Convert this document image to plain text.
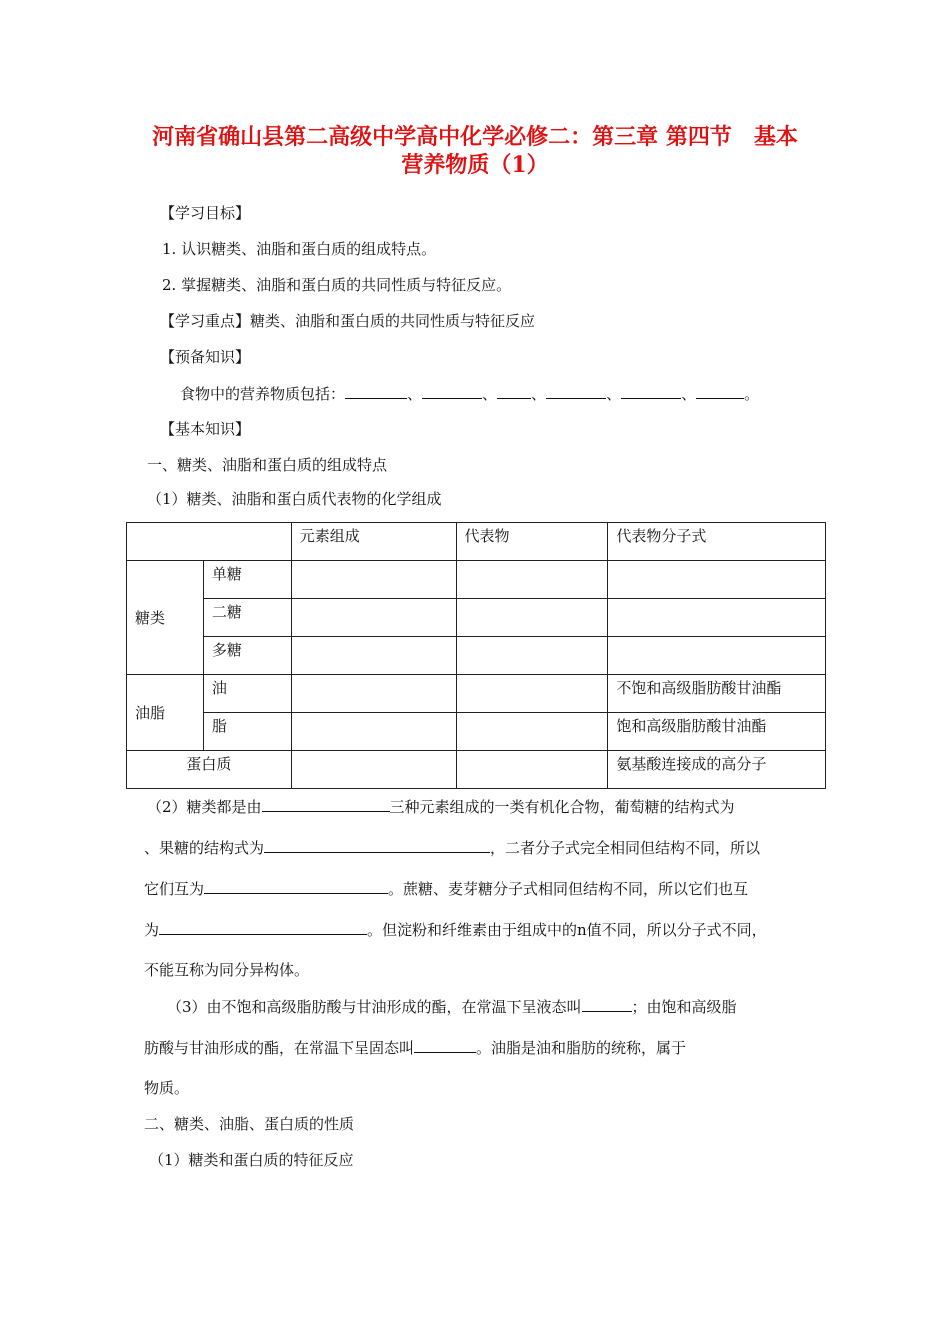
河南省确山县第二高级中学高中化学必修二：第三章 第四节　基本
营养物质（1）
【学习目标】
1. 认识糖类、油脂和蛋白质的组成特点。
2. 掌握糖类、油脂和蛋白质的共同性质与特征反应。
【学习重点】糖类、油脂和蛋白质的共同性质与特征反应
【预备知识】
食物中的营养物质包括：	、	、 、	、	、	。
【基本知识】
一、糖类、油脂和蛋白质的组成特点
（1）糖类、油脂和蛋白质代表物的化学组成
		元素组成	代表物	代表物分子式
糖类	单糖			
	二糖			
	多糖			
油脂	油			不饱和高级脂肪酸甘油酯
	脂			饱和高级脂肪酸甘油酯
蛋白质				氨基酸连接成的高分子
（2）糖类都是由	三种元素组成的一类有机化合物，葡萄糖的结构式为
、果糖的结构式为	，二者分子式完全相同但结构不同，所以
它们互为	。蔗糖、麦芽糖分子式相同但结构不同，所以它们也互
为	。但淀粉和纤维素由于组成中的n值不同，所以分子式不同，
不能互称为同分异构体。
（3）由不饱和高级脂肪酸与甘油形成的酯，在常温下呈液态叫	；由饱和高级脂
肪酸与甘油形成的酯，在常温下呈固态叫	。油脂是油和脂肪的统称，属于
物质。
二、糖类、油脂、蛋白质的性质
（1）糖类和蛋白质的特征反应
